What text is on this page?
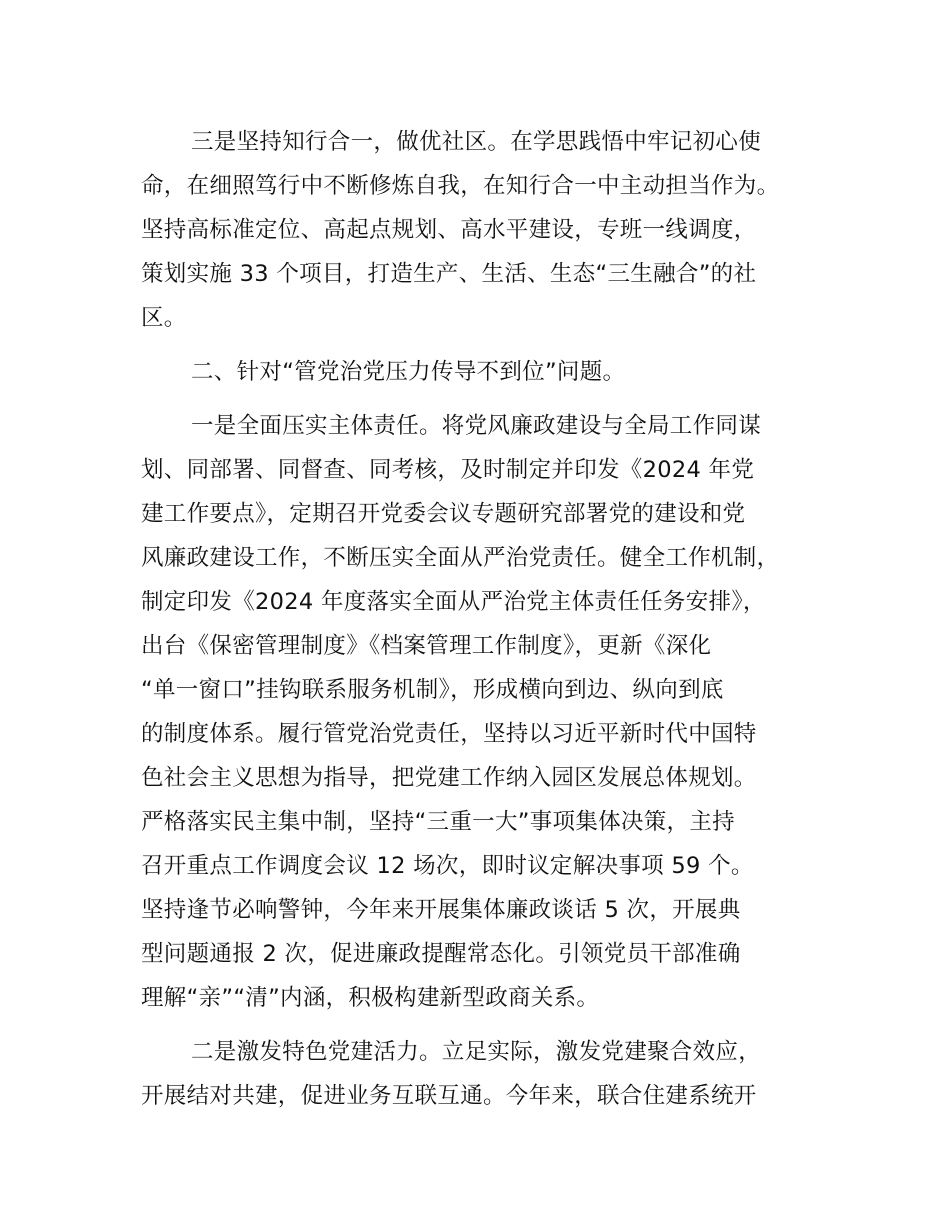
三是坚持知行合一，做优社区。在学思践悟中牢记初心使
命，在细照笃行中不断修炼自我，在知行合一中主动担当作为。
坚持高标准定位、高起点规划、高水平建设，专班一线调度，
策划实施 33 个项目，打造生产、生活、生态“三生融合”的社
区。
二、针对“管党治党压力传导不到位”问题。
一是全面压实主体责任。将党风廉政建设与全局工作同谋
划、同部署、同督查、同考核，及时制定并印发《2024 年党
建工作要点》，定期召开党委会议专题研究部署党的建设和党
风廉政建设工作，不断压实全面从严治党责任。健全工作机制，
制定印发《2024 年度落实全面从严治党主体责任任务安排》，
出台《保密管理制度》《档案管理工作制度》，更新《深化
“单一窗口”挂钩联系服务机制》，形成横向到边、纵向到底
的制度体系。履行管党治党责任，坚持以习近平新时代中国特
色社会主义思想为指导，把党建工作纳入园区发展总体规划。
严格落实民主集中制，坚持“三重一大”事项集体决策，主持
召开重点工作调度会议 12 场次，即时议定解决事项 59 个。
坚持逢节必响警钟，今年来开展集体廉政谈话 5 次，开展典
型问题通报 2 次，促进廉政提醒常态化。引领党员干部准确
理解“亲”“清”内涵，积极构建新型政商关系。
二是激发特色党建活力。立足实际，激发党建聚合效应，
开展结对共建，促进业务互联互通。今年来，联合住建系统开
